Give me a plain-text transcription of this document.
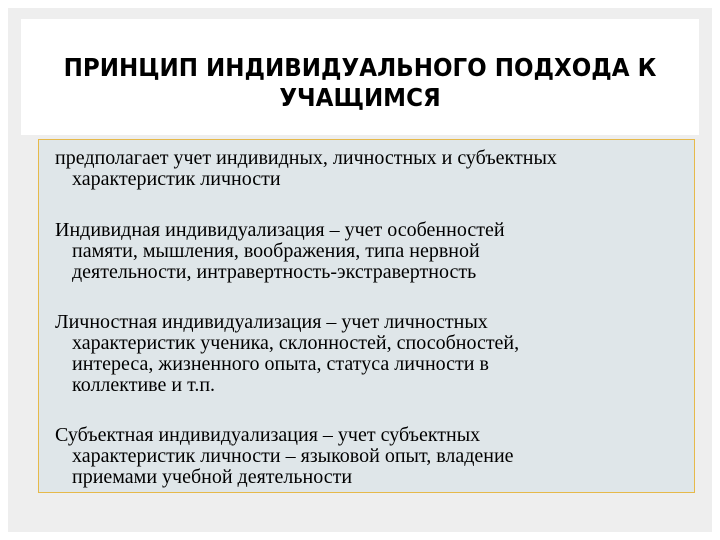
ПРИНЦИП ИНДИВИДУАЛЬНОГО ПОДХОДА К
УЧАЩИМСЯ
предполагает учет индивидных, личностных и субъектных
характеристик личности
Индивидная индивидуализация – учет особенностей
памяти, мышления, воображения, типа нервной
деятельности, интравертность-экстравертность
Личностная индивидуализация – учет личностных
характеристик ученика, склонностей, способностей,
интереса, жизненного опыта, статуса личности в
коллективе и т.п.
Субъектная индивидуализация – учет субъектных
характеристик личности – языковой опыт, владение
приемами учебной деятельности
